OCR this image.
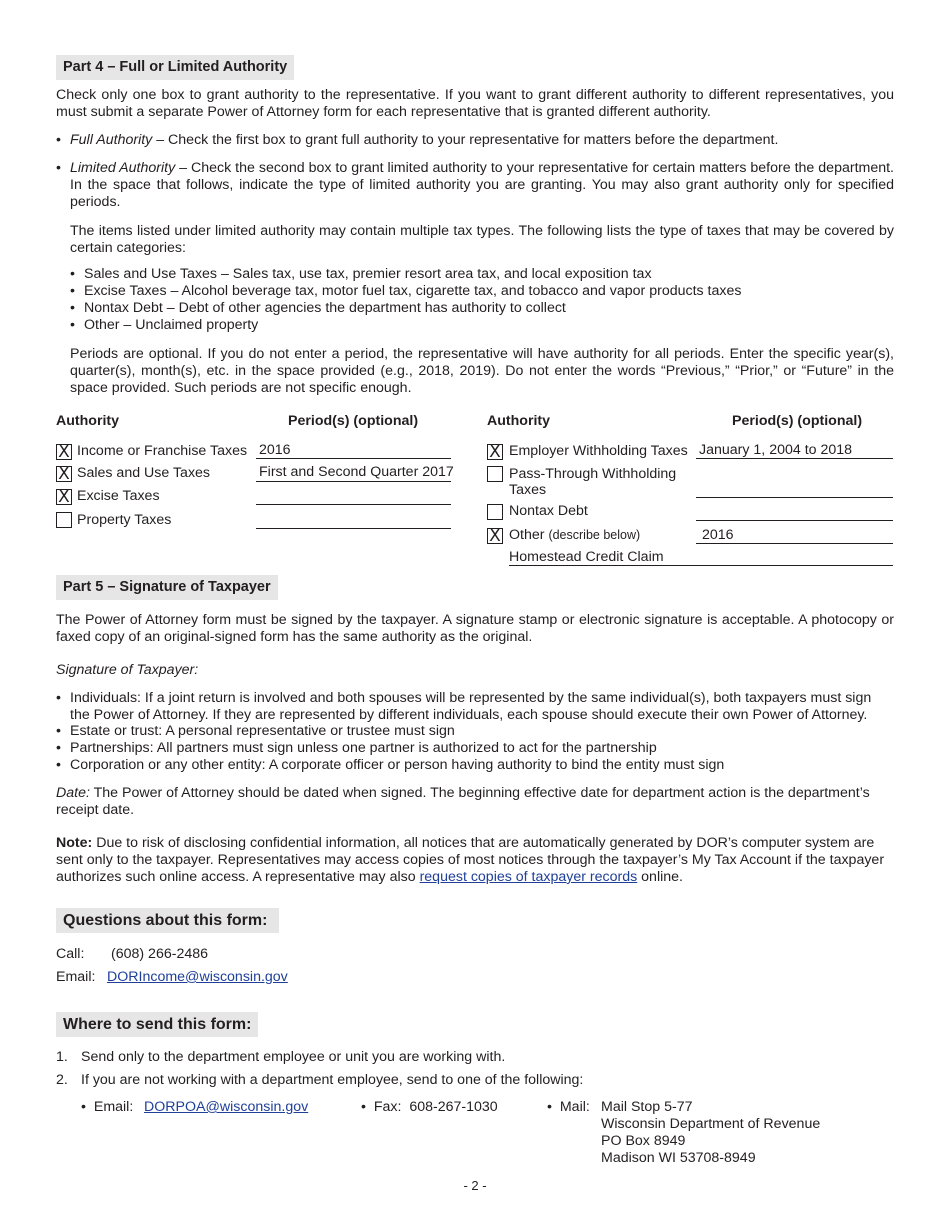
Part 4 – Full or Limited Authority

Check only one box to grant authority to the representative. If you want to grant different authority to different representatives, you must submit a separate Power of Attorney form for each representative that is granted different authority.

• Full Authority – Check the first box to grant full authority to your representative for matters before the department.

• Limited Authority – Check the second box to grant limited authority to your representative for certain matters before the department. In the space that follows, indicate the type of limited authority you are granting. You may also grant authority only for specified periods.

The items listed under limited authority may contain multiple tax types. The following lists the type of taxes that may be covered by certain categories:

• Sales and Use Taxes – Sales tax, use tax, premier resort area tax, and local exposition tax

• Excise Taxes – Alcohol beverage tax, motor fuel tax, cigarette tax, and tobacco and vapor products taxes

• Nontax Debt – Debt of other agencies the department has authority to collect

• Other – Unclaimed property

Periods are optional. If you do not enter a period, the representative will have authority for all periods. Enter the specific year(s), quarter(s), month(s), etc. in the space provided (e.g., 2018, 2019). Do not enter the words “Previous,” “Prior,” or “Future” in the space provided. Such periods are not specific enough.

Authority	Period(s) (optional)	Authority	Period(s) (optional)
X Income or Franchise Taxes 2016
X Sales and Use Taxes	First and Second Quarter 2017
X Excise Taxes
Property Taxes
X Employer Withholding Taxes January 1, 2004 to 2018
Pass-Through Withholding
Taxes
Nontax Debt
X Other (describe below)	2016
Homestead Credit Claim
Part 5 – Signature of Taxpayer

The Power of Attorney form must be signed by the taxpayer. A signature stamp or electronic signature is acceptable. A photocopy or faxed copy of an original-signed form has the same authority as the original.

Signature of Taxpayer:

• Individuals: If a joint return is involved and both spouses will be represented by the same individual(s), both taxpayers must sign the Power of Attorney. If they are represented by different individuals, each spouse should execute their own Power of Attorney.

• Estate or trust: A personal representative or trustee must sign

• Partnerships: All partners must sign unless one partner is authorized to act for the partnership

• Corporation or any other entity: A corporate officer or person having authority to bind the entity must sign

Date: The Power of Attorney should be dated when signed. The beginning effective date for department action is the department’s receipt date.

Note: Due to risk of disclosing confidential information, all notices that are automatically generated by DOR’s computer system are sent only to the taxpayer. Representatives may access copies of most notices through the taxpayer’s My Tax Account if the taxpayer authorizes such online access. A representative may also request copies of taxpayer records online.

Questions about this form:
Call: (608) 266-2486
Email: DORIncome@wisconsin.gov
Where to send this form:
1. Send only to the department employee or unit you are working with.
2. If you are not working with a department employee, send to one of the following:
•  Email: DORPOA@wisconsin.gov	•  Fax: 608-267-1030	•  Mail: Mail Stop 5-77
Wisconsin Department of Revenue
PO Box 8949
Madison WI 53708-8949
- 2 -
